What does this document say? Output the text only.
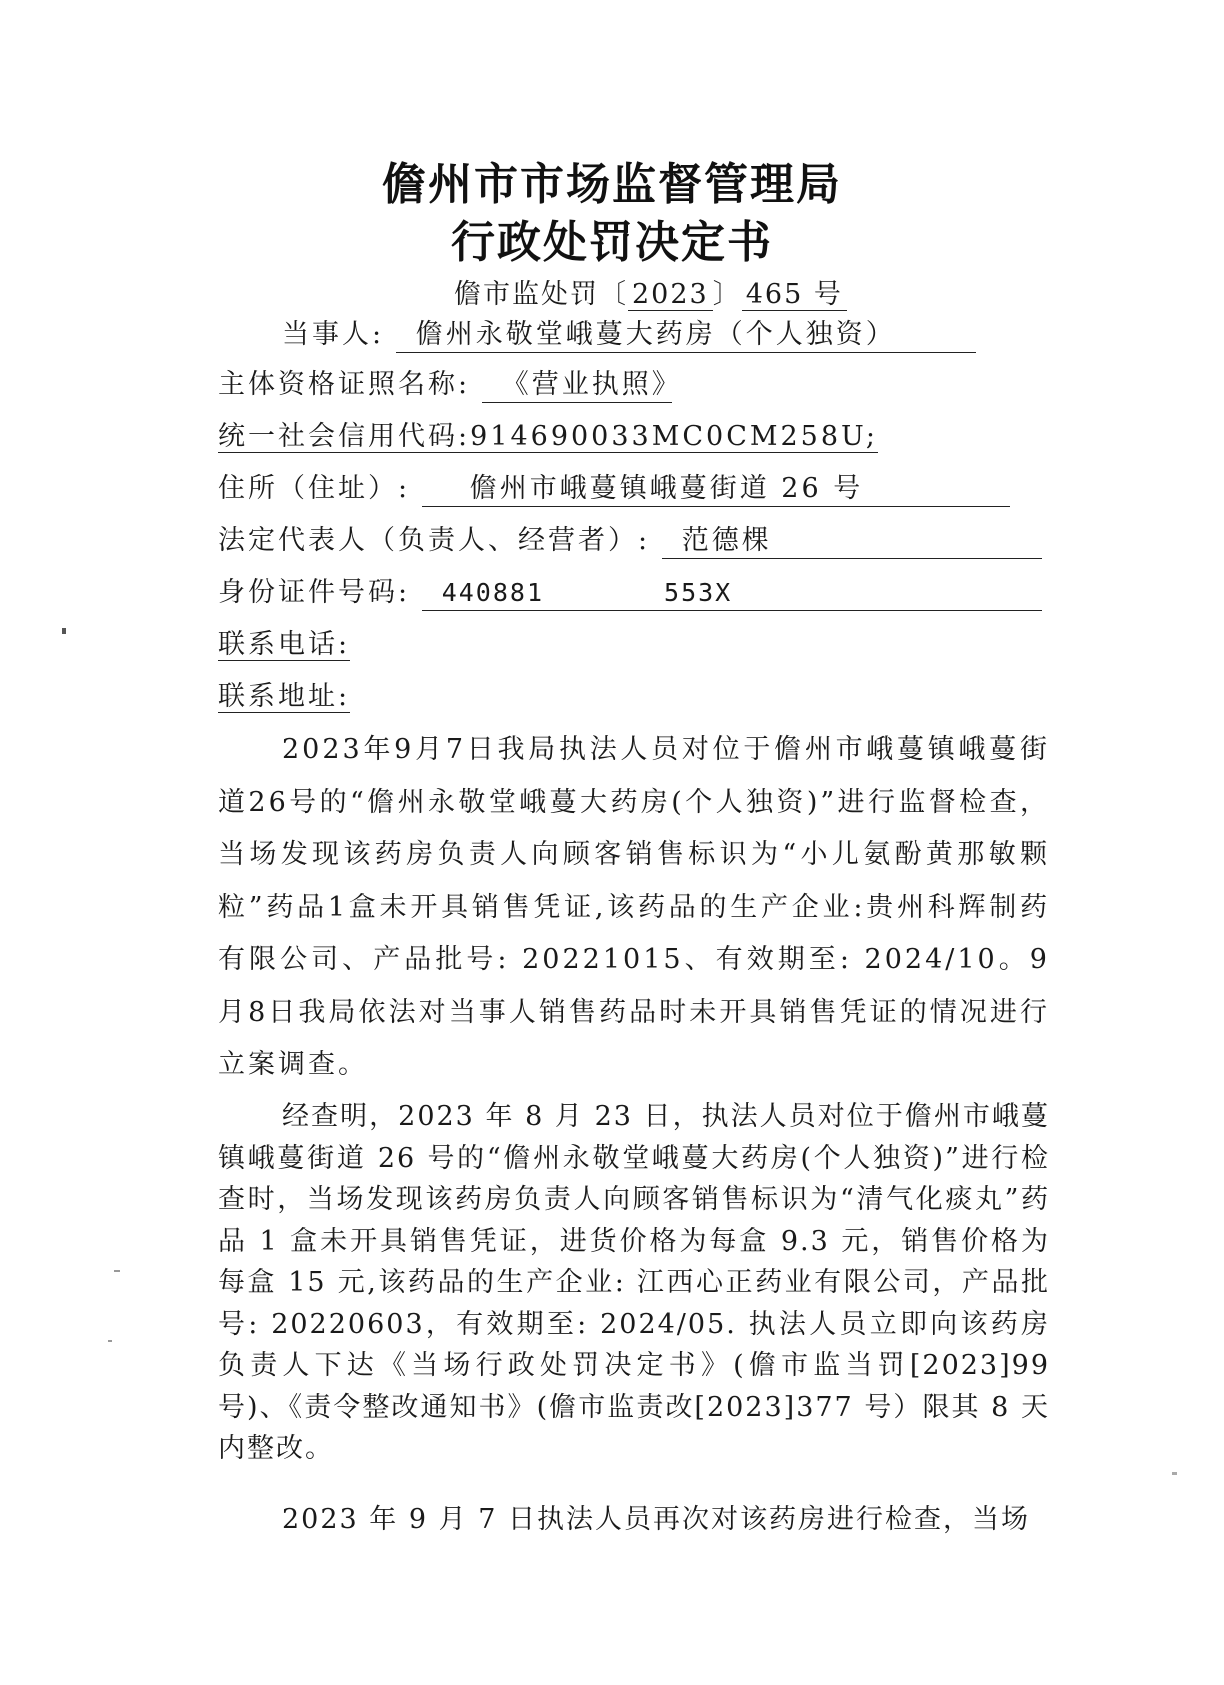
儋州市市场监督管理局
行政处罚决定书
儋市监处罚〔 2023 〕 465 号
当事人: 儋州永敬堂峨蔓大药房（个人独资）
主体资格证照名称: 《营业执照》
统一社会信用代码:914690033MC0CM258U;
住所（住址）: 儋州市峨蔓镇峨蔓街道 26 号
法定代表人（负责人、经营者）: 范德棵
身份证件号码: 440881	553X
联系电话:
联系地址:
2023年9月7日我局执法人员对位于儋州市峨蔓镇峨蔓街道26号的“儋州永敬堂峨蔓大药房(个人独资)”进行监督检查，当场发现该药房负责人向顾客销售标识为“小儿氨酚黄那敏颗粒”药品1盒未开具销售凭证,该药品的生产企业:贵州科辉制药有限公司、产品批号: 20221015、有效期至: 2024/10。9月8日我局依法对当事人销售药品时未开具销售凭证的情况进行立案调查。
经查明，2023 年 8 月 23 日，执法人员对位于儋州市峨蔓镇峨蔓街道 26 号的“儋州永敬堂峨蔓大药房(个人独资)”进行检查时，当场发现该药房负责人向顾客销售标识为“清气化痰丸”药品 1 盒未开具销售凭证，进货价格为每盒 9.3 元，销售价格为每盒 15 元,该药品的生产企业: 江西心正药业有限公司，产品批号: 20220603，有效期至: 2024/05. 执法人员立即向该药房负责人下达《当场行政处罚决定书》(儋市监当罚[2023]99 号)、《责令整改通知书》(儋市监责改[2023]377 号）限其 8 天内整改。
2023 年 9 月 7 日执法人员再次对该药房进行检查，当场
